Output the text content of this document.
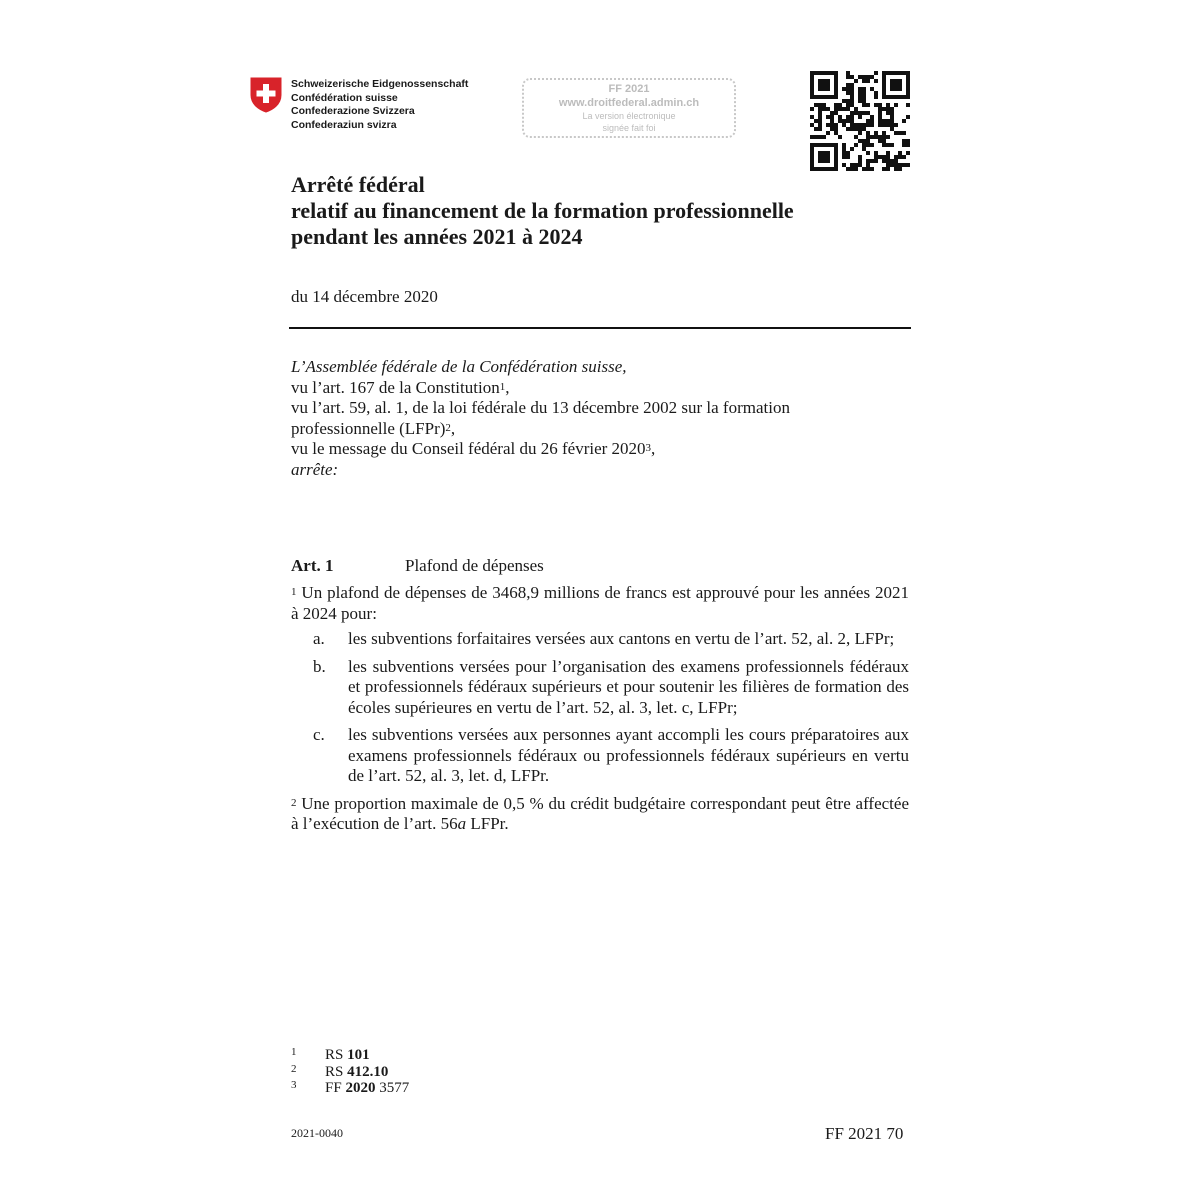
Schweizerische Eidgenossenschaft
Confédération suisse
Confederazione Svizzera
Confederaziun svizra
FF 2021
www.droitfederal.admin.ch
La version électronique
signée fait foi
Arrêté fédéral
relatif au financement de la formation professionnelle
pendant les années 2021 à 2024
du 14 décembre 2020
L’Assemblée fédérale de la Confédération suisse,
vu l’art. 167 de la Constitution$^1$,
vu l’art. 59, al. 1, de la loi fédérale du 13 décembre 2002 sur la formation
professionnelle (LFPr)$^2$,
vu le message du Conseil fédéral du 26 février 2020$^3$,
arrête:
Art. 1	Plafond de dépenses

$^1$ Un plafond de dépenses de 3468,9 millions de francs est approuvé pour les années 2021 à 2024 pour:

a. les subventions forfaitaires versées aux cantons en vertu de l’art. 52, al. 2, LFPr;
b. les subventions versées pour l’organisation des examens professionnels fédéraux et professionnels fédéraux supérieurs et pour soutenir les filières de formation des écoles supérieures en vertu de l’art. 52, al. 3, let. c, LFPr;
c. les subventions versées aux personnes ayant accompli les cours préparatoires aux examens professionnels fédéraux ou professionnels fédéraux supérieurs en vertu de l’art. 52, al. 3, let. d, LFPr.

$^2$ Une proportion maximale de 0,5 % du crédit budgétaire correspondant peut être affectée à l’exécution de l’art. 56a LFPr.

1 RS 101
2 RS 412.10
3 FF 2020 3577
2021-0040	FF 2021 70
